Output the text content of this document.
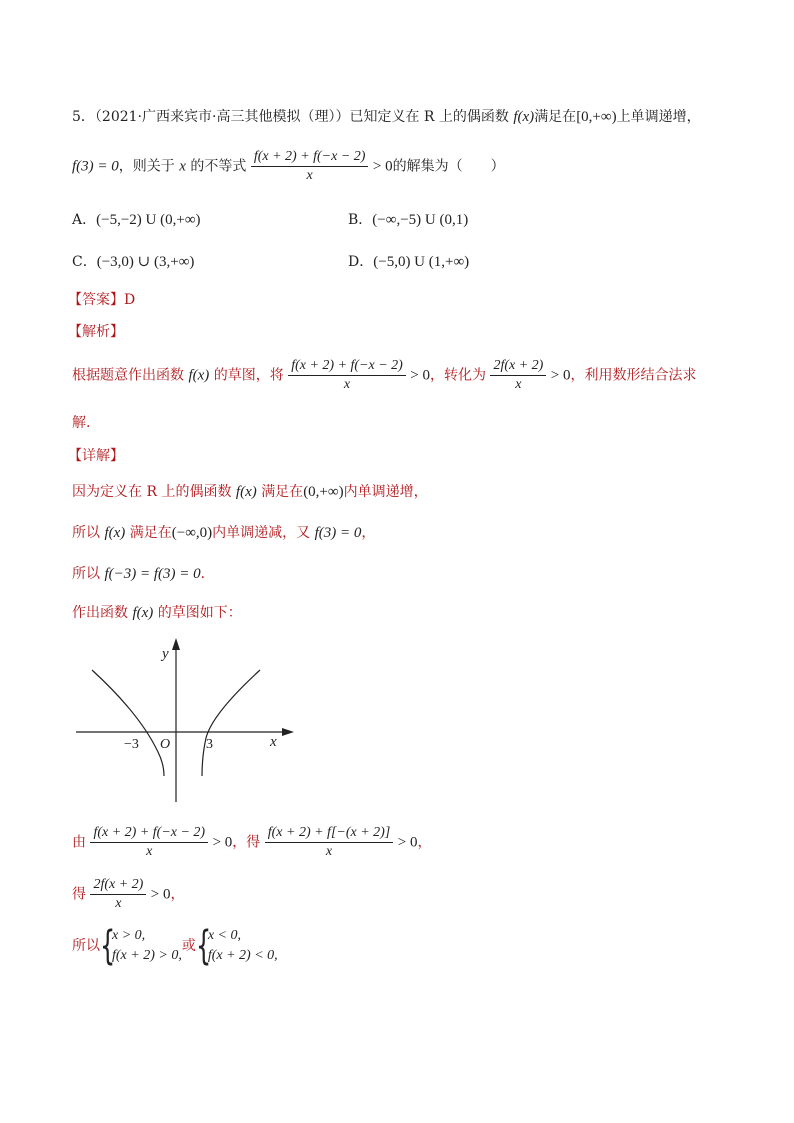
5．（2021·广西来宾市·高三其他模拟（理））已知定义在 R 上的偶函数 f(x)满足在[0,+∞)上单调递增，
f(3) = 0，则关于 x 的不等式 $\frac{f(x + 2) + f(-x - 2)}{x} > 0$的解集为（　　）
A．(−5,−2) U (0,+∞)	B．(−∞,−5) U (0,1)
C．(−3,0) ∪ (3,+∞)	D．(−5,0) U (1,+∞)
【答案】D
【解析】
根据题意作出函数 f(x) 的草图，将 $\frac{f(x + 2) + f(-x - 2)}{x} > 0$，转化为 $\frac{2f(x + 2)}{x} > 0$，利用数形结合法求
解.
【详解】
因为定义在 R 上的偶函数 f(x) 满足在(0,+∞)内单调递增，
所以 f(x) 满足在(−∞,0)内单调递减，又 f(3) = 0，
所以 f(−3) = f(3) = 0．
作出函数 f(x) 的草图如下：
y
x
O
−3	3
由 $\frac{f(x + 2) + f(-x - 2)}{x} > 0$，得 $\frac{f(x + 2) + f[-(x + 2)]}{x} > 0$，
得 $\frac{2f(x + 2)}{x} > 0$，
所以 {
x > 0,
f(x + 2) > 0,
或 {
x < 0,
f(x + 2) < 0,
